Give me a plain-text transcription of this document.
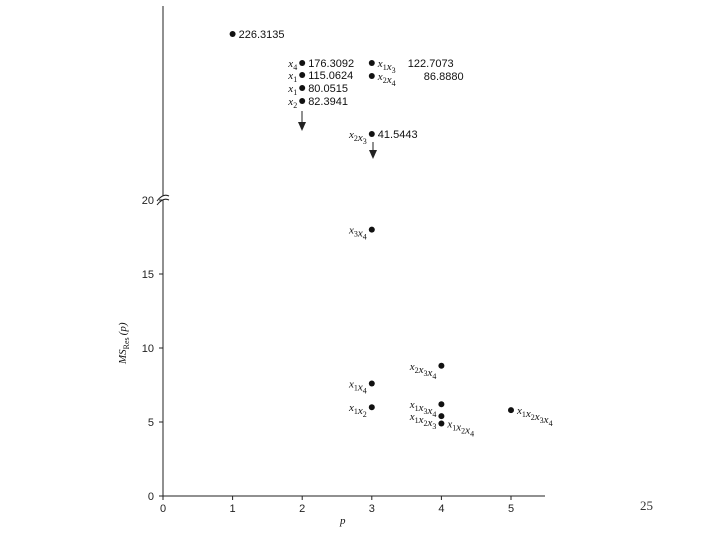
0
5
10
15
20
0	1	2	3	4	5
p
$MS_{Res}(p)$
226.3135
$x_4$ 176.3092
$x_1$ 115.0624
$x_1$ 80.0515
$x_2$ 82.3941
$x_1x_3$
122.7073
$x_2x_4$
86.8880
$x_2x_3$
41.5443
$x_3x_4$
$x_1x_4$
$x_1x_2$
$x_2x_3x_4$
$x_1x_3x_4$
$x_1x_2x_3$ $x_1x_2x_4$
$x_1x_2x_3x_4$
25
